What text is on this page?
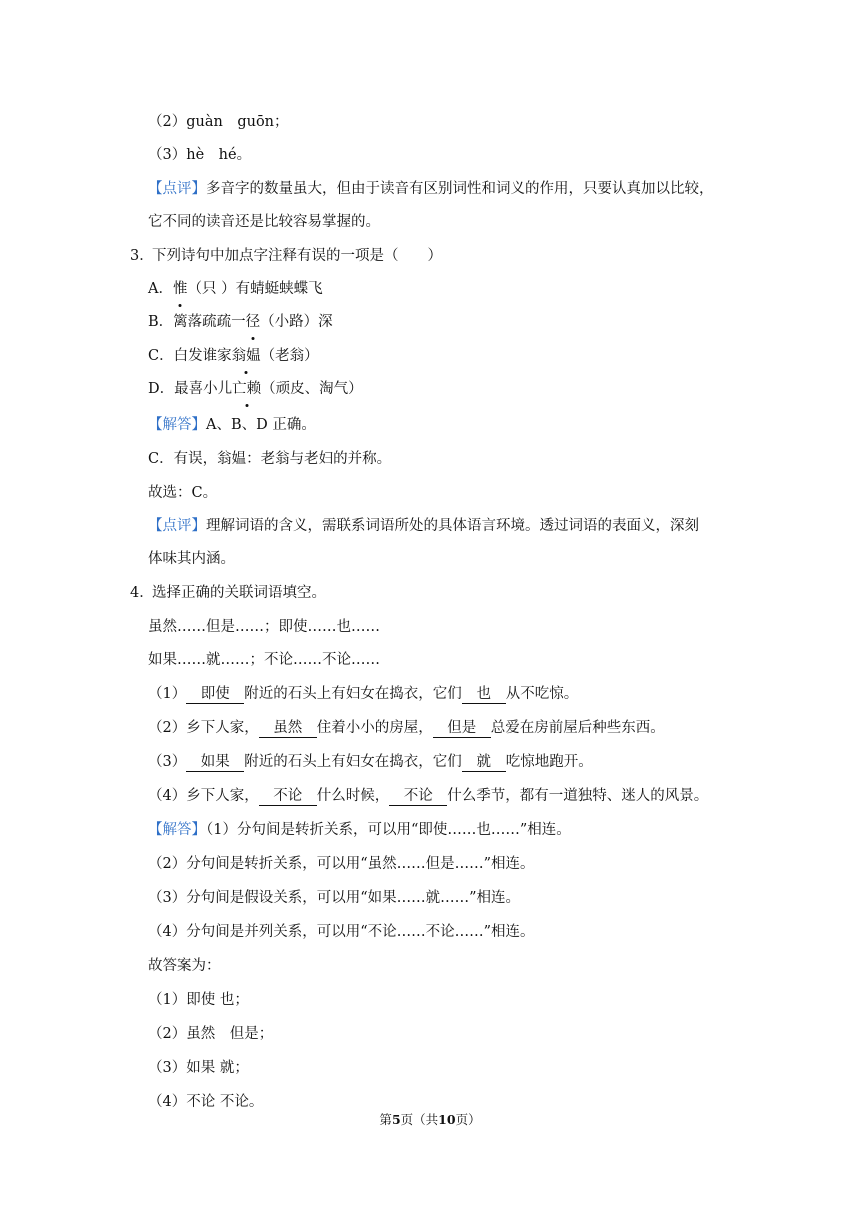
（2）guàn　guōn；
（3）hè　hé。
【点评】多音字的数量虽大，但由于读音有区别词性和词义的作用，只要认真加以比较，
它不同的读音还是比较容易掌握的。
3．
下列诗句中加点字注释有误的一项是（　　）
A．惟（只 ）有蜻蜓蛱蝶飞
B．篱落疏疏一径（小路）深
C．白发谁家翁媪（老翁）
D．最喜小儿亡赖（顽皮、淘气）
【解答】A、B、D 正确。
C．有误，翁媪：老翁与老妇的并称。
故选：C。
【点评】理解词语的含义，需联系词语所处的具体语言环境。透过词语的表面义，深刻
体味其内涵。
4．
选择正确的关联词语填空。
虽然……但是……；即使……也……
如果……就……；不论……不论……
（1） 即使 附近的石头上有妇女在捣衣，它们 也 从不吃惊。
（2）乡下人家， 虽然 住着小小的房屋， 但是 总爱在房前屋后种些东西。
（3） 如果 附近的石头上有妇女在捣衣，它们 就 吃惊地跑开。
（4）乡下人家， 不论 什么时候， 不论 什么季节，都有一道独特、迷人的风景。
【解答】（1）分句间是转折关系，可以用“即使……也……”相连。
（2）分句间是转折关系，可以用“虽然……但是……”相连。
（3）分句间是假设关系，可以用“如果……就……”相连。
（4）分句间是并列关系，可以用“不论……不论……”相连。
故答案为：
（1）即使 也；
（2）虽然　但是；
（3）如果 就；
（4）不论 不论。
第5页（共10页）
